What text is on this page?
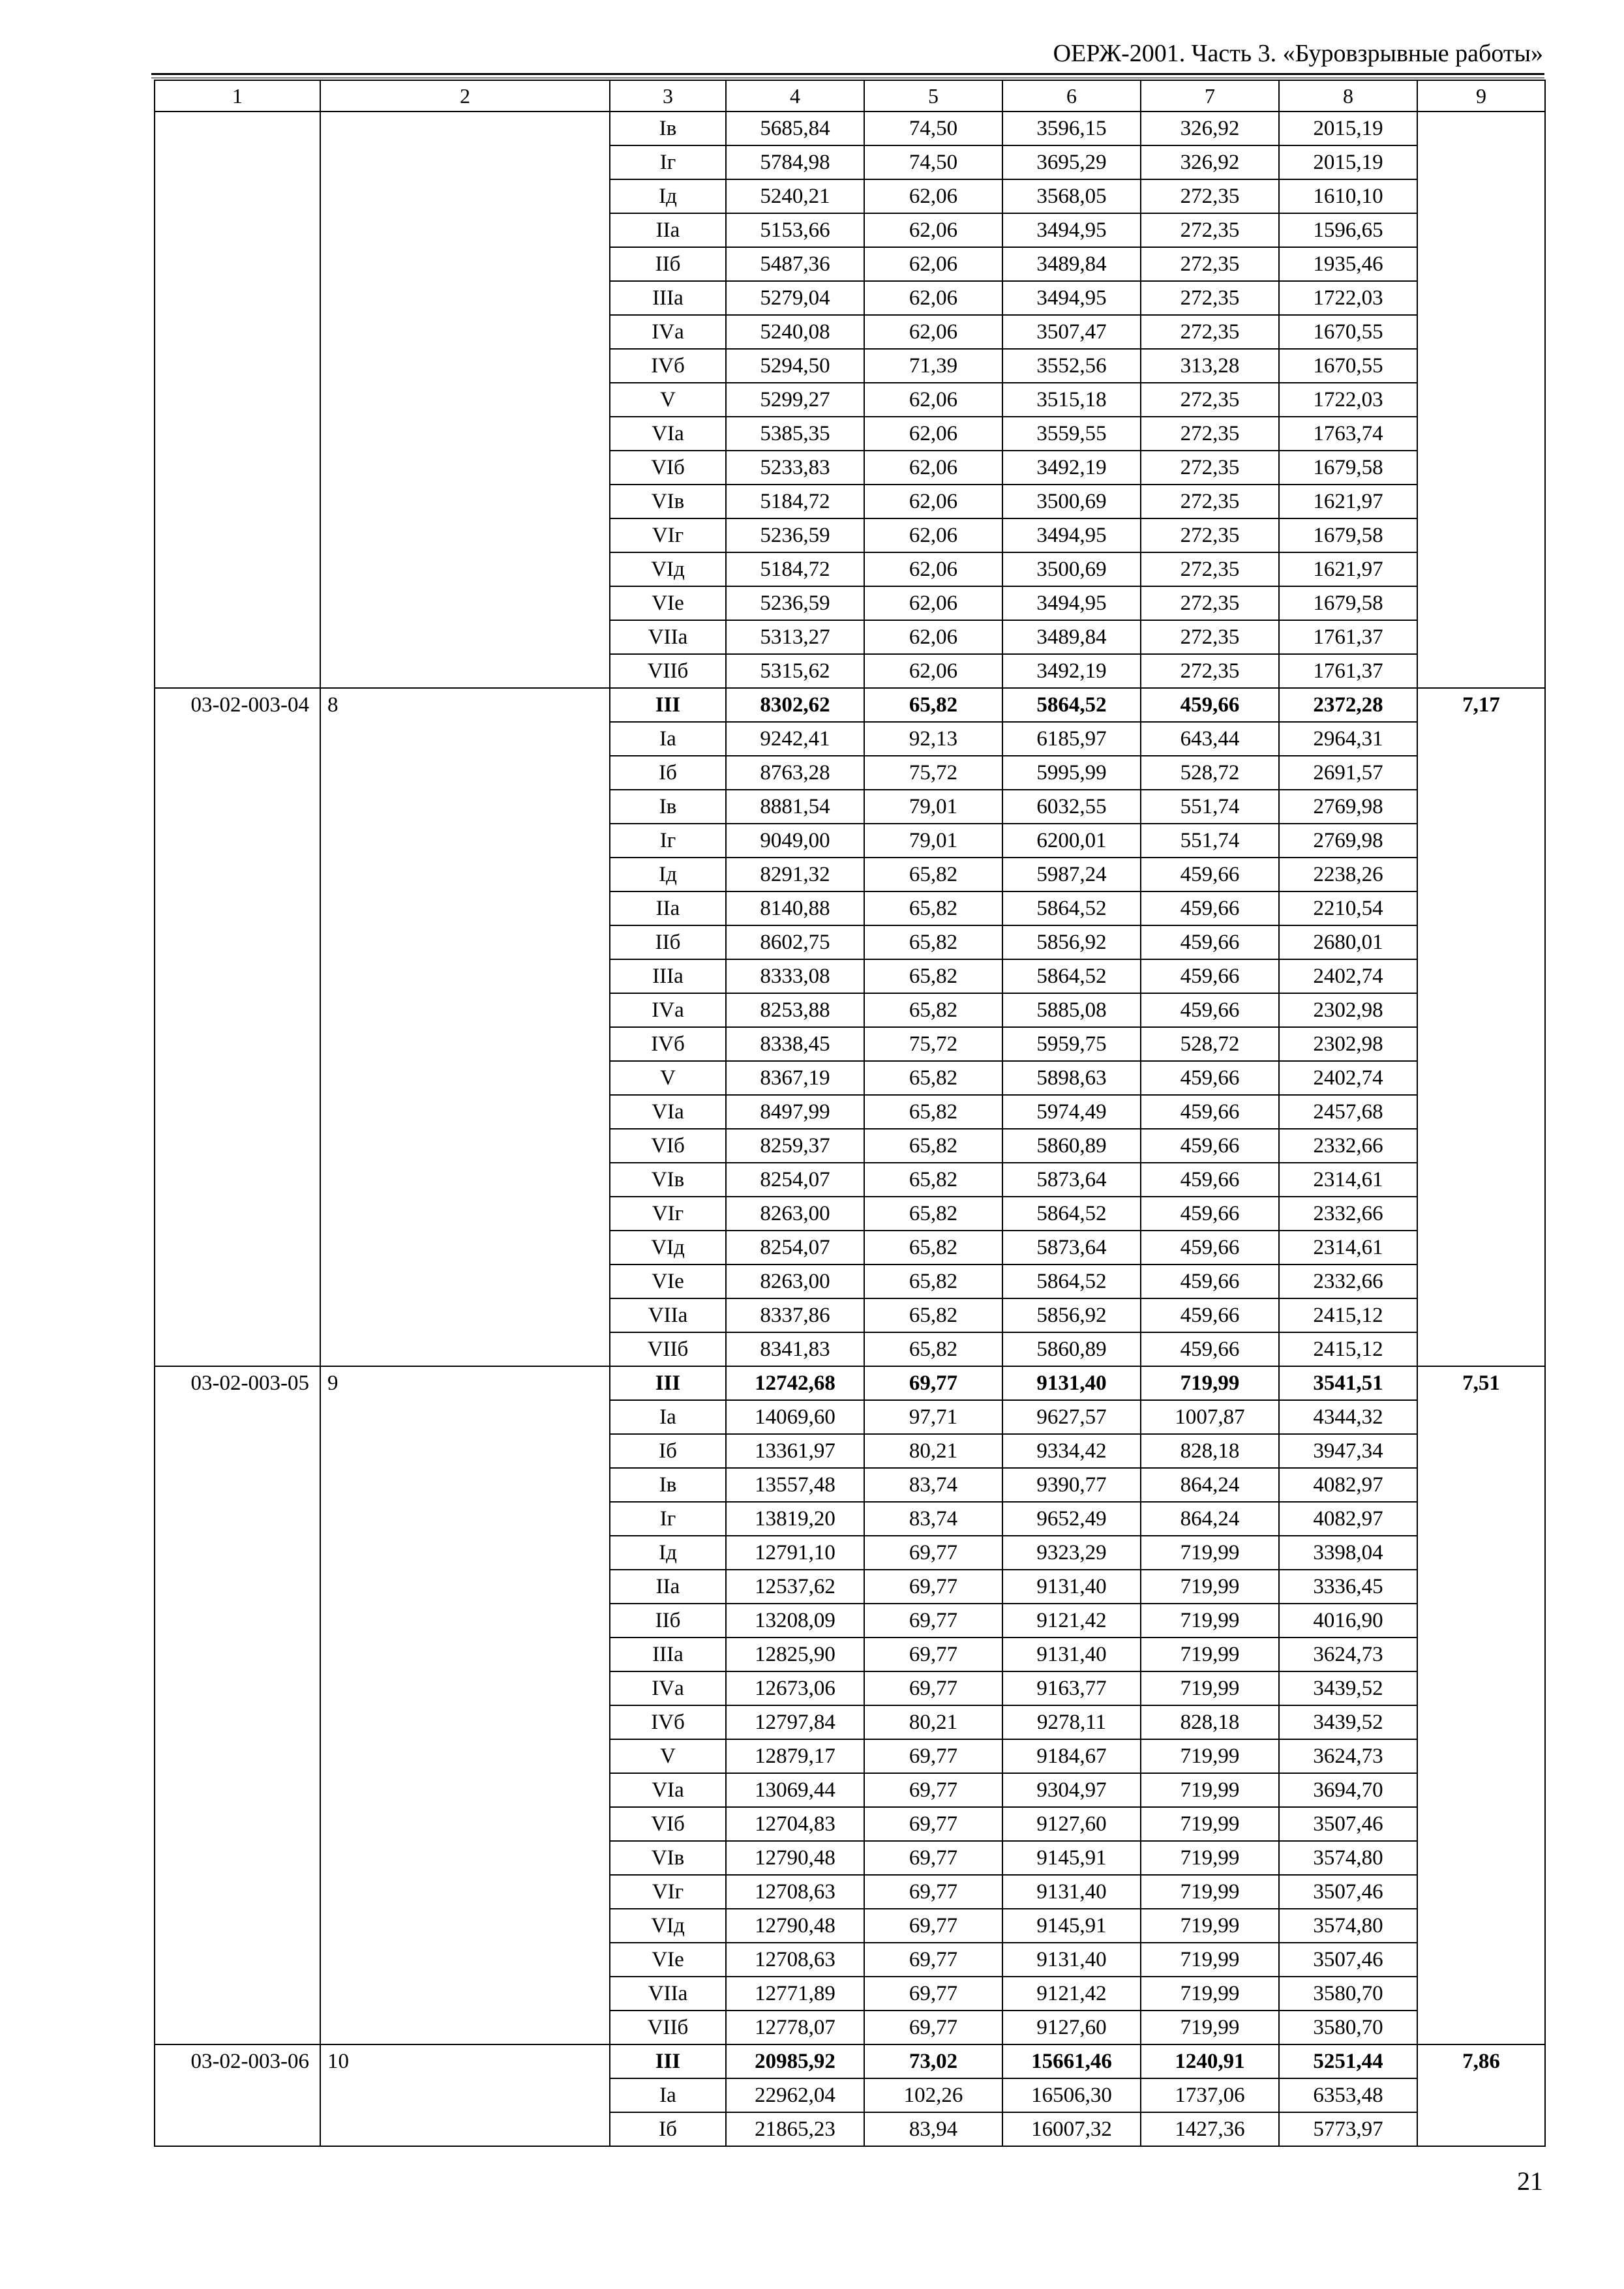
ОЕРЖ-2001. Часть 3. «Буровзрывные работы»
1	2	3	4	5	6	7	8	9
		Iв	5685,84	74,50	3596,15	326,92	2015,19	
		Iг	5784,98	74,50	3695,29	326,92	2015,19	
		Iд	5240,21	62,06	3568,05	272,35	1610,10	
		IIа	5153,66	62,06	3494,95	272,35	1596,65	
		IIб	5487,36	62,06	3489,84	272,35	1935,46	
		IIIа	5279,04	62,06	3494,95	272,35	1722,03	
		IVа	5240,08	62,06	3507,47	272,35	1670,55	
		IVб	5294,50	71,39	3552,56	313,28	1670,55	
		V	5299,27	62,06	3515,18	272,35	1722,03	
		VIа	5385,35	62,06	3559,55	272,35	1763,74	
		VIб	5233,83	62,06	3492,19	272,35	1679,58	
		VIв	5184,72	62,06	3500,69	272,35	1621,97	
		VIг	5236,59	62,06	3494,95	272,35	1679,58	
		VIд	5184,72	62,06	3500,69	272,35	1621,97	
		VIе	5236,59	62,06	3494,95	272,35	1679,58	
		VIIа	5313,27	62,06	3489,84	272,35	1761,37	
		VIIб	5315,62	62,06	3492,19	272,35	1761,37	
03-02-003-04	8	III	8302,62	65,82	5864,52	459,66	2372,28	7,17
		Iа	9242,41	92,13	6185,97	643,44	2964,31	
		Iб	8763,28	75,72	5995,99	528,72	2691,57	
		Iв	8881,54	79,01	6032,55	551,74	2769,98	
		Iг	9049,00	79,01	6200,01	551,74	2769,98	
		Iд	8291,32	65,82	5987,24	459,66	2238,26	
		IIа	8140,88	65,82	5864,52	459,66	2210,54	
		IIб	8602,75	65,82	5856,92	459,66	2680,01	
		IIIа	8333,08	65,82	5864,52	459,66	2402,74	
		IVа	8253,88	65,82	5885,08	459,66	2302,98	
		IVб	8338,45	75,72	5959,75	528,72	2302,98	
		V	8367,19	65,82	5898,63	459,66	2402,74	
		VIа	8497,99	65,82	5974,49	459,66	2457,68	
		VIб	8259,37	65,82	5860,89	459,66	2332,66	
		VIв	8254,07	65,82	5873,64	459,66	2314,61	
		VIг	8263,00	65,82	5864,52	459,66	2332,66	
		VIд	8254,07	65,82	5873,64	459,66	2314,61	
		VIе	8263,00	65,82	5864,52	459,66	2332,66	
		VIIа	8337,86	65,82	5856,92	459,66	2415,12	
		VIIб	8341,83	65,82	5860,89	459,66	2415,12	
03-02-003-05	9	III	12742,68	69,77	9131,40	719,99	3541,51	7,51
		Iа	14069,60	97,71	9627,57	1007,87	4344,32	
		Iб	13361,97	80,21	9334,42	828,18	3947,34	
		Iв	13557,48	83,74	9390,77	864,24	4082,97	
		Iг	13819,20	83,74	9652,49	864,24	4082,97	
		Iд	12791,10	69,77	9323,29	719,99	3398,04	
		IIа	12537,62	69,77	9131,40	719,99	3336,45	
		IIб	13208,09	69,77	9121,42	719,99	4016,90	
		IIIа	12825,90	69,77	9131,40	719,99	3624,73	
		IVа	12673,06	69,77	9163,77	719,99	3439,52	
		IVб	12797,84	80,21	9278,11	828,18	3439,52	
		V	12879,17	69,77	9184,67	719,99	3624,73	
		VIа	13069,44	69,77	9304,97	719,99	3694,70	
		VIб	12704,83	69,77	9127,60	719,99	3507,46	
		VIв	12790,48	69,77	9145,91	719,99	3574,80	
		VIг	12708,63	69,77	9131,40	719,99	3507,46	
		VIд	12790,48	69,77	9145,91	719,99	3574,80	
		VIе	12708,63	69,77	9131,40	719,99	3507,46	
		VIIа	12771,89	69,77	9121,42	719,99	3580,70	
		VIIб	12778,07	69,77	9127,60	719,99	3580,70	
03-02-003-06	10	III	20985,92	73,02	15661,46	1240,91	5251,44	7,86
		Iа	22962,04	102,26	16506,30	1737,06	6353,48	
		Iб	21865,23	83,94	16007,32	1427,36	5773,97	
21
